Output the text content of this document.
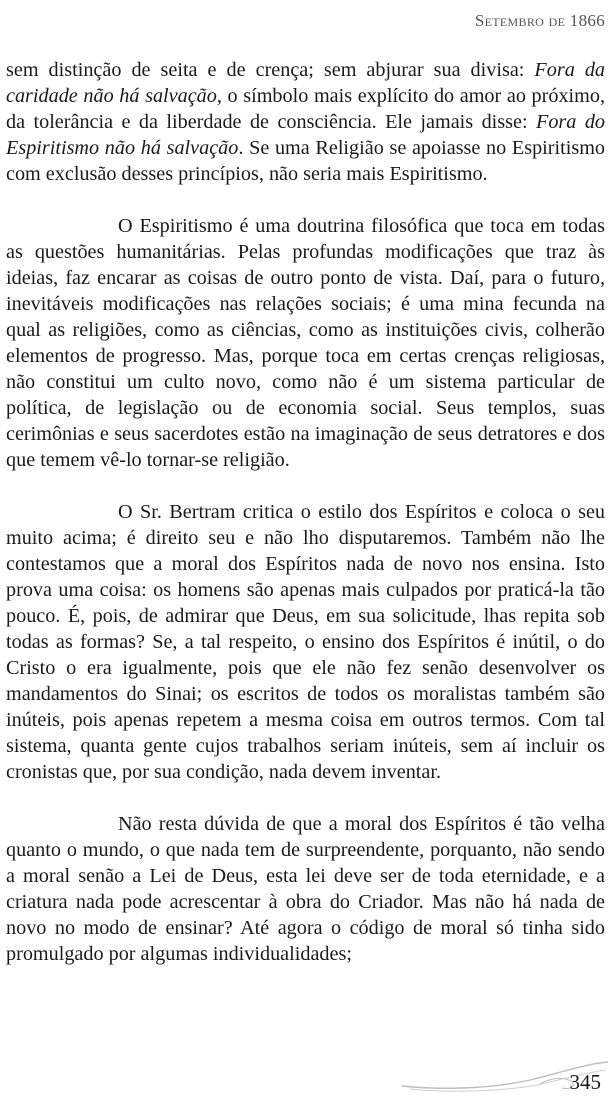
Setembro de 1866

sem distinção de seita e de crença; sem abjurar sua divisa: Fora da caridade não há salvação, o símbolo mais explícito do amor ao próximo, da tolerância e da liberdade de consciência. Ele jamais disse: Fora do Espiritismo não há salvação. Se uma Religião se apoiasse no Espiritismo com exclusão desses princípios, não seria mais Espiritismo.

O Espiritismo é uma doutrina filosófica que toca em todas as questões humanitárias. Pelas profundas modificações que traz às ideias, faz encarar as coisas de outro ponto de vista. Daí, para o futuro, inevitáveis modificações nas relações sociais; é uma mina fecunda na qual as religiões, como as ciências, como as instituições civis, colherão elementos de progresso. Mas, porque toca em certas crenças religiosas, não constitui um culto novo, como não é um sistema particular de política, de legislação ou de economia social. Seus templos, suas cerimônias e seus sacerdotes estão na imaginação de seus detratores e dos que temem vê-lo tornar-se religião.

O Sr. Bertram critica o estilo dos Espíritos e coloca o seu muito acima; é direito seu e não lho disputaremos. Também não lhe contestamos que a moral dos Espíritos nada de novo nos ensina. Isto prova uma coisa: os homens são apenas mais culpados por praticá-la tão pouco. É, pois, de admirar que Deus, em sua solicitude, lhas repita sob todas as formas? Se, a tal respeito, o ensino dos Espíritos é inútil, o do Cristo o era igualmente, pois que ele não fez senão desenvolver os mandamentos do Sinai; os escritos de todos os moralistas também são inúteis, pois apenas repetem a mesma coisa em outros termos. Com tal sistema, quanta gente cujos trabalhos seriam inúteis, sem aí incluir os cronistas que, por sua condição, nada devem inventar.

Não resta dúvida de que a moral dos Espíritos é tão velha quanto o mundo, o que nada tem de surpreendente, porquanto, não sendo a moral senão a Lei de Deus, esta lei deve ser de toda eternidade, e a criatura nada pode acrescentar à obra do Criador. Mas não há nada de novo no modo de ensinar? Até agora o código de moral só tinha sido promulgado por algumas individualidades;

345
